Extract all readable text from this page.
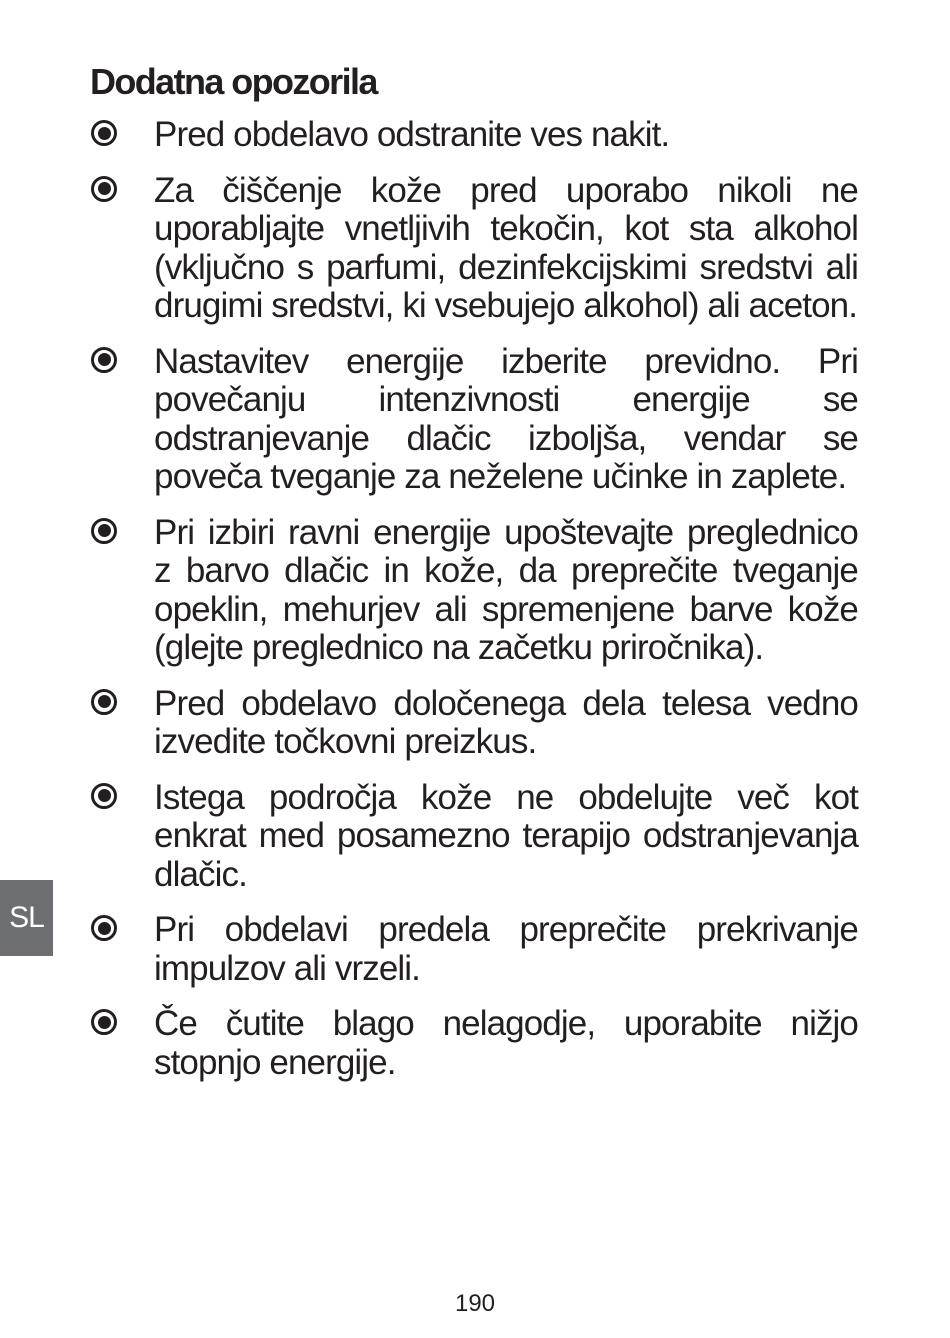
Dodatna opozorila
Pred obdelavo odstranite ves nakit.
Za čiščenje kože pred uporabo nikoli ne uporabljajte vnetljivih tekočin, kot sta alkohol (vključno s parfumi, dezinfekcijskimi sredstvi ali drugimi sredstvi, ki vsebujejo alkohol) ali aceton.
Nastavitev energije izberite previdno. Pri povečanju intenzivnosti energije se odstranjevanje dlačic izboljša, vendar se poveča tveganje za neželene učinke in zaplete.
Pri izbiri ravni energije upoštevajte preglednico z barvo dlačic in kože, da preprečite tveganje opeklin, mehurjev ali spremenjene barve kože (glejte preglednico na začetku priročnika).
Pred obdelavo določenega dela telesa vedno izvedite točkovni preizkus.
Istega področja kože ne obdelujte več kot enkrat med posamezno terapijo odstranjevanja dlačic.
Pri obdelavi predela preprečite prekrivanje impulzov ali vrzeli.
Če čutite blago nelagodje, uporabite nižjo stopnjo energije.
SL
190
